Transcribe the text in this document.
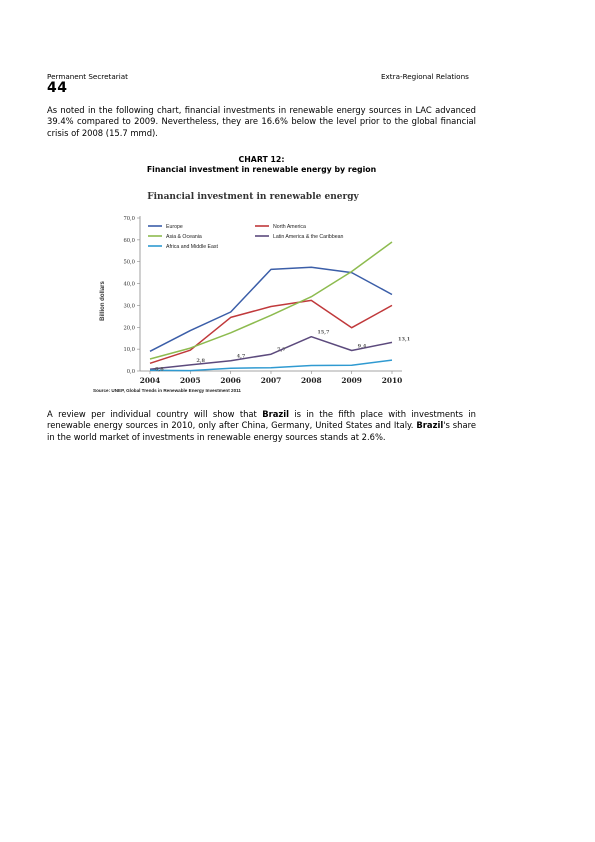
Permanent Secretariat	Extra-Regional Relations
44

As noted in the following chart, financial investments in renewable energy sources in LAC advanced 39.4% compared to 2009. Nevertheless, they are 16.6% below the level prior to the global financial crisis of 2008 (15.7 mmd).

CHART 12:
Financial investment in renewable energy by region
Financial investment in renewable energy
Billion dollars
0,0
10,0
20,0
30,0
40,0
50,0
60,0
70,0
2004	2005	2006	2007	2008	2009	2010
0,8
2,8
4,7
7,7
15,7
9,4
13,1
Europe	North America
Asia & Oceania	Latin America & the Caribbean
Africa and Middle East
Source: UNEP, Global Trends in Renewable Energy Investment 2011

A review per individual country will show that Brazil is in the fifth place with investments in renewable energy sources in 2010, only after China, Germany, United States and Italy. Brazil's share in the world market of investments in renewable energy sources stands at 2.6%.
